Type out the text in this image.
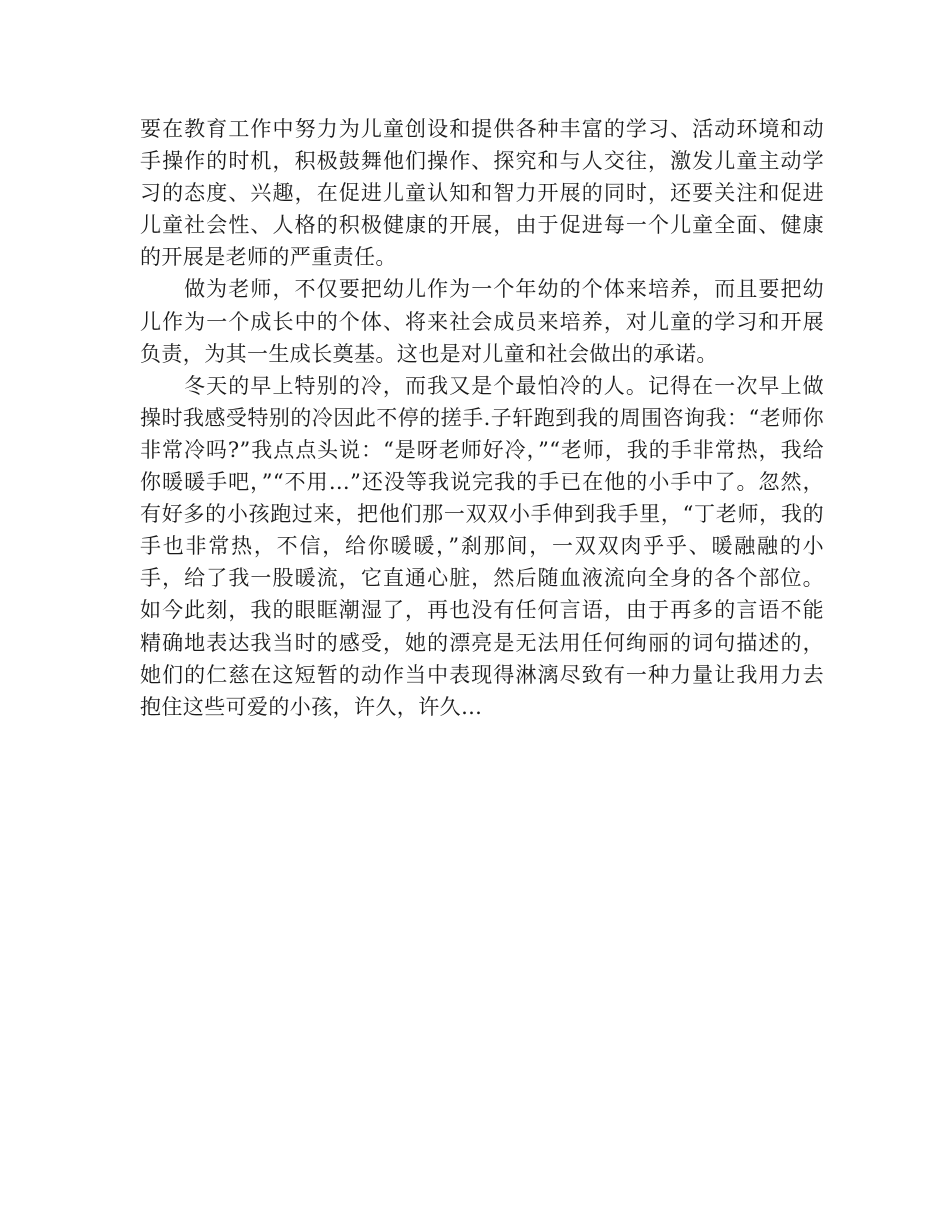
要在教育工作中努力为儿童创设和提供各种丰富的学习、活动环境和动手操作的时机，积极鼓舞他们操作、探究和与人交往，激发儿童主动学习的态度、兴趣，在促进儿童认知和智力开展的同时，还要关注和促进儿童社会性、人格的积极健康的开展，由于促进每一个儿童全面、健康的开展是老师的严重责任。

做为老师，不仅要把幼儿作为一个年幼的个体来培养，而且要把幼儿作为一个成长中的个体、将来社会成员来培养，对儿童的学习和开展负责，为其一生成长奠基。这也是对儿童和社会做出的承诺。

冬天的早上特别的冷，而我又是个最怕冷的人。记得在一次早上做操时我感受特别的冷因此不停的搓手.子轩跑到我的周围咨询我：“老师你非常冷吗?”我点点头说：“是呀老师好冷，”“老师，我的手非常热，我给你暖暖手吧，”“不用…”还没等我说完我的手已在他的小手中了。忽然，有好多的小孩跑过来，把他们那一双双小手伸到我手里，“丁老师，我的手也非常热，不信，给你暖暖，”刹那间，一双双肉乎乎、暖融融的小手，给了我一股暖流，它直通心脏，然后随血液流向全身的各个部位。如今此刻，我的眼眶潮湿了，再也没有任何言语，由于再多的言语不能精确地表达我当时的感受，她的漂亮是无法用任何绚丽的词句描述的，她们的仁慈在这短暂的动作当中表现得淋漓尽致有一种力量让我用力去抱住这些可爱的小孩，许久，许久…
